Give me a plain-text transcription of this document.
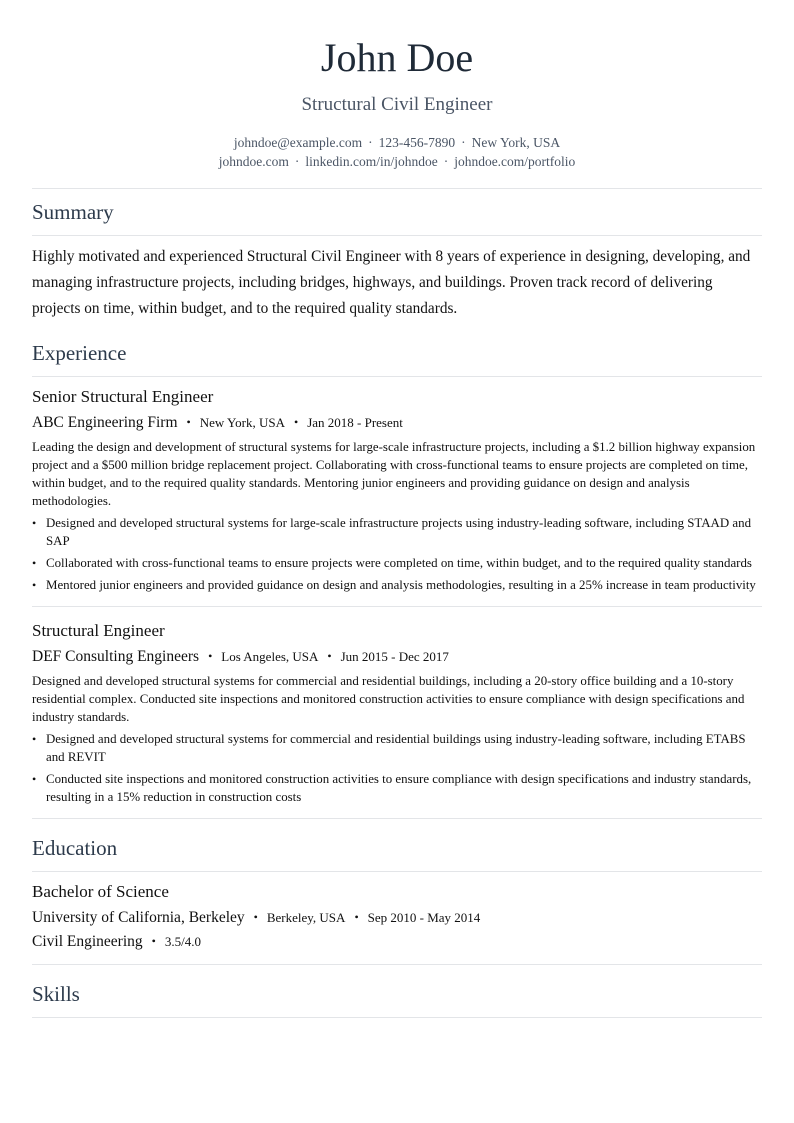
John Doe
Structural Civil Engineer
johndoe@example.com · 123-456-7890 · New York, USA
johndoe.com · linkedin.com/in/johndoe · johndoe.com/portfolio
Summary
Highly motivated and experienced Structural Civil Engineer with 8 years of experience in designing, developing, and managing infrastructure projects, including bridges, highways, and buildings. Proven track record of delivering projects on time, within budget, and to the required quality standards.
Experience
Senior Structural Engineer
ABC Engineering Firm • New York, USA • Jan 2018 - Present
Leading the design and development of structural systems for large-scale infrastructure projects, including a $1.2 billion highway expansion project and a $500 million bridge replacement project. Collaborating with cross-functional teams to ensure projects are completed on time, within budget, and to the required quality standards. Mentoring junior engineers and providing guidance on design and analysis methodologies.
• Designed and developed structural systems for large-scale infrastructure projects using industry-leading software, including STAAD and SAP
• Collaborated with cross-functional teams to ensure projects were completed on time, within budget, and to the required quality standards
• Mentored junior engineers and provided guidance on design and analysis methodologies, resulting in a 25% increase in team productivity
Structural Engineer
DEF Consulting Engineers • Los Angeles, USA • Jun 2015 - Dec 2017
Designed and developed structural systems for commercial and residential buildings, including a 20-story office building and a 10-story residential complex. Conducted site inspections and monitored construction activities to ensure compliance with design specifications and industry standards.
• Designed and developed structural systems for commercial and residential buildings using industry-leading software, including ETABS and REVIT
• Conducted site inspections and monitored construction activities to ensure compliance with design specifications and industry standards, resulting in a 15% reduction in construction costs
Education
Bachelor of Science
University of California, Berkeley • Berkeley, USA • Sep 2010 - May 2014
Civil Engineering • 3.5/4.0
Skills
